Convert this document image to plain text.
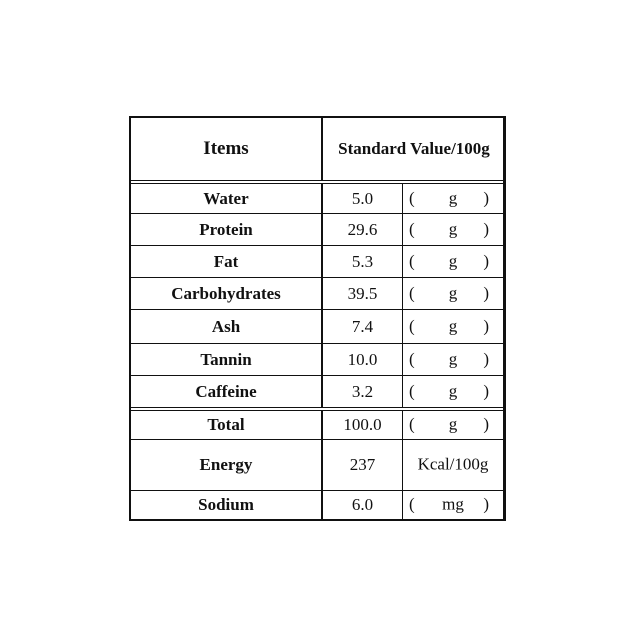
Items	Standard Value/100g
Water	5.0	(	g	)
Protein	29.6	(	g	)
Fat	5.3	(	g	)
Carbohydrates	39.5	(	g	)
Ash	7.4	(	g	)
Tannin	10.0	(	g	)
Caffeine	3.2	(	g	)
Total	100.0	(	g	)
Energy	237	Kcal/100g
Sodium	6.0	(	mg	)
